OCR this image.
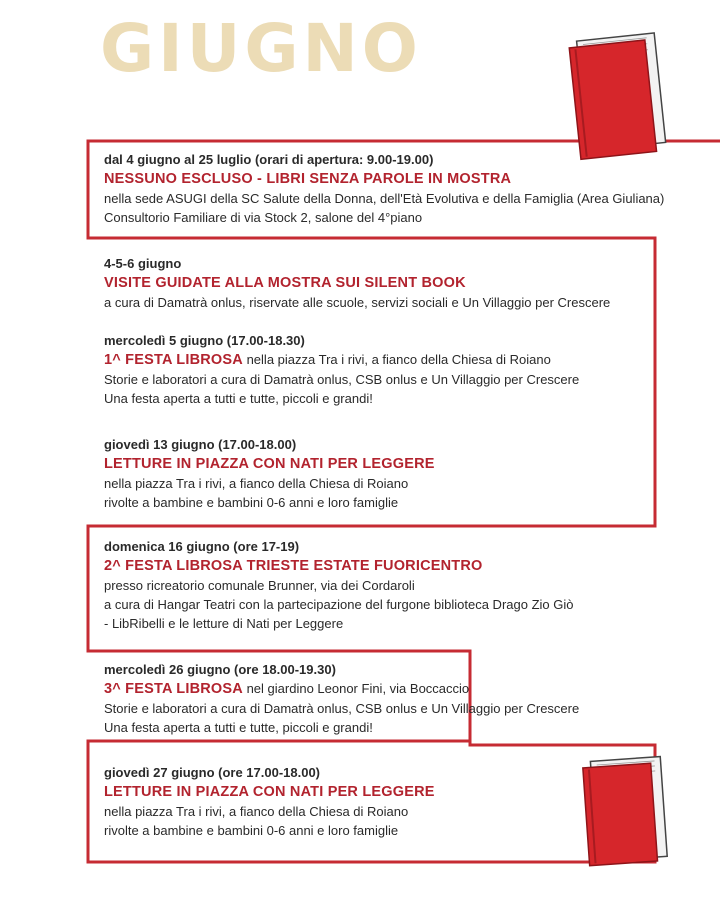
GIUGNO
dal 4 giugno al 25 luglio (orari di apertura: 9.00-19.00)
NESSUNO ESCLUSO - LIBRI SENZA PAROLE IN MOSTRA
nella sede ASUGI della SC Salute della Donna, dell'Età Evolutiva e della Famiglia (Area Giuliana)
Consultorio Familiare di via Stock 2, salone del 4°piano
4-5-6 giugno
VISITE GUIDATE ALLA MOSTRA SUI SILENT BOOK
a cura di Damatrà onlus, riservate alle scuole, servizi sociali e Un Villaggio per Crescere
mercoledì 5 giugno (17.00-18.30)
1^ FESTA LIBROSA nella piazza Tra i rivi, a fianco della Chiesa di Roiano
Storie e laboratori a cura di Damatrà onlus, CSB onlus e Un Villaggio per Crescere
Una festa aperta a tutti e tutte, piccoli e grandi!
giovedì 13 giugno (17.00-18.00)
LETTURE IN PIAZZA CON NATI PER LEGGERE
nella piazza Tra i rivi, a fianco della Chiesa di Roiano
rivolte a bambine e bambini 0-6 anni e loro famiglie
domenica 16 giugno (ore 17-19)
2^ FESTA LIBROSA TRIESTE ESTATE FUORICENTRO
presso ricreatorio comunale Brunner, via dei Cordaroli
a cura di Hangar Teatri con la partecipazione del furgone biblioteca Drago Zio Giò
- LibRibelli e le letture di Nati per Leggere
mercoledì 26 giugno (ore 18.00-19.30)
3^ FESTA LIBROSA nel giardino Leonor Fini, via Boccaccio
Storie e laboratori a cura di Damatrà onlus, CSB onlus e Un Villaggio per Crescere
Una festa aperta a tutti e tutte, piccoli e grandi!
giovedì 27 giugno (ore 17.00-18.00)
LETTURE IN PIAZZA CON NATI PER LEGGERE
nella piazza Tra i rivi, a fianco della Chiesa di Roiano
rivolte a bambine e bambini 0-6 anni e loro famiglie
